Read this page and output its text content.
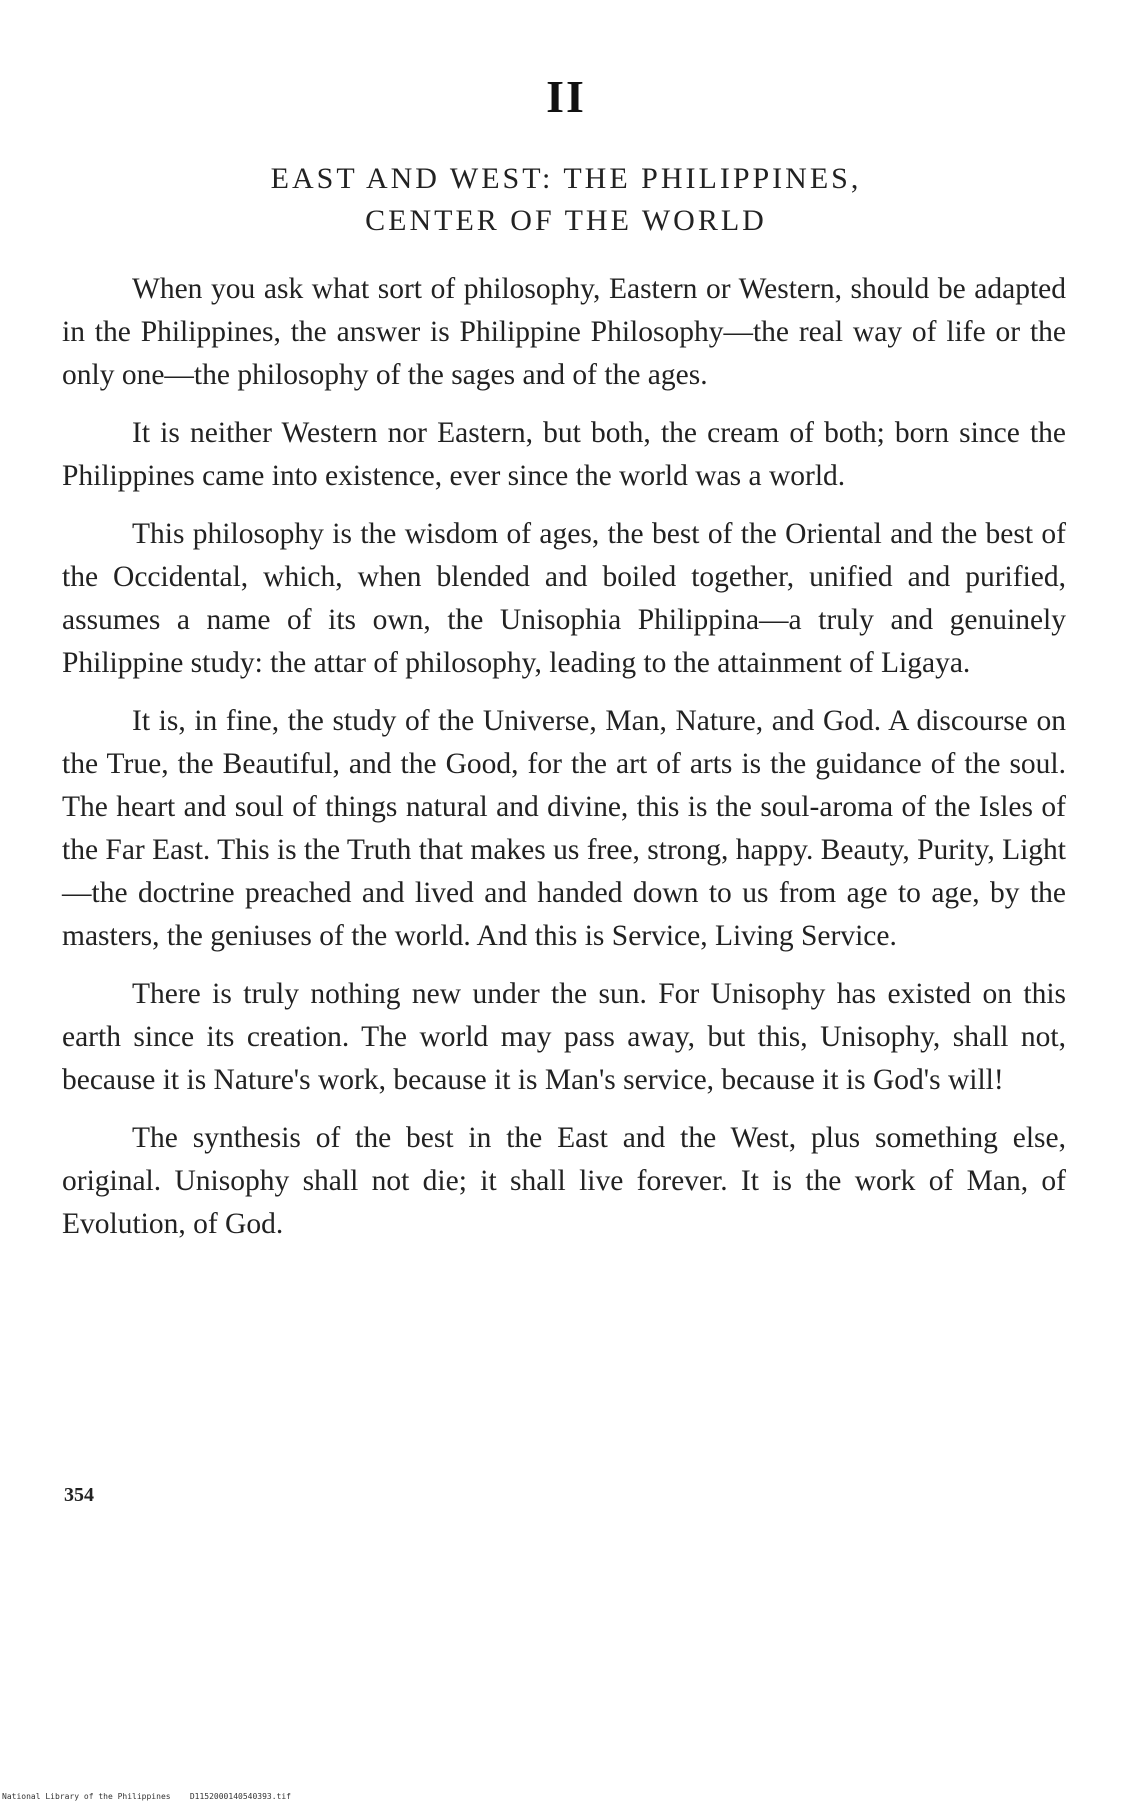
II
EAST AND WEST: THE PHILIPPINES,
CENTER OF THE WORLD

When you ask what sort of philosophy, Eastern or Western, should be adapted in the Philippines, the answer is Philippine Philosophy—the real way of life or the only one—the philosophy of the sages and of the ages.

It is neither Western nor Eastern, but both, the cream of both; born since the Philippines came into existence, ever since the world was a world.

This philosophy is the wisdom of ages, the best of the Oriental and the best of the Occidental, which, when blended and boiled together, unified and purified, assumes a name of its own, the Unisophia Philippina—a truly and genuinely Philippine study: the attar of philosophy, leading to the attainment of Ligaya.

It is, in fine, the study of the Universe, Man, Nature, and God. A discourse on the True, the Beautiful, and the Good, for the art of arts is the guidance of the soul. The heart and soul of things natural and divine, this is the soul-aroma of the Isles of the Far East. This is the Truth that makes us free, strong, happy. Beauty, Purity, Light—the doctrine preached and lived and handed down to us from age to age, by the masters, the geniuses of the world. And this is Service, Living Service.

There is truly nothing new under the sun. For Unisophy has existed on this earth since its creation. The world may pass away, but this, Unisophy, shall not, because it is Nature's work, because it is Man's service, because it is God's will!

The synthesis of the best in the East and the West, plus something else, original. Unisophy shall not die; it shall live forever. It is the work of Man, of Evolution, of God.

354
National Library of the Philippines    D1152000140540393.tif
